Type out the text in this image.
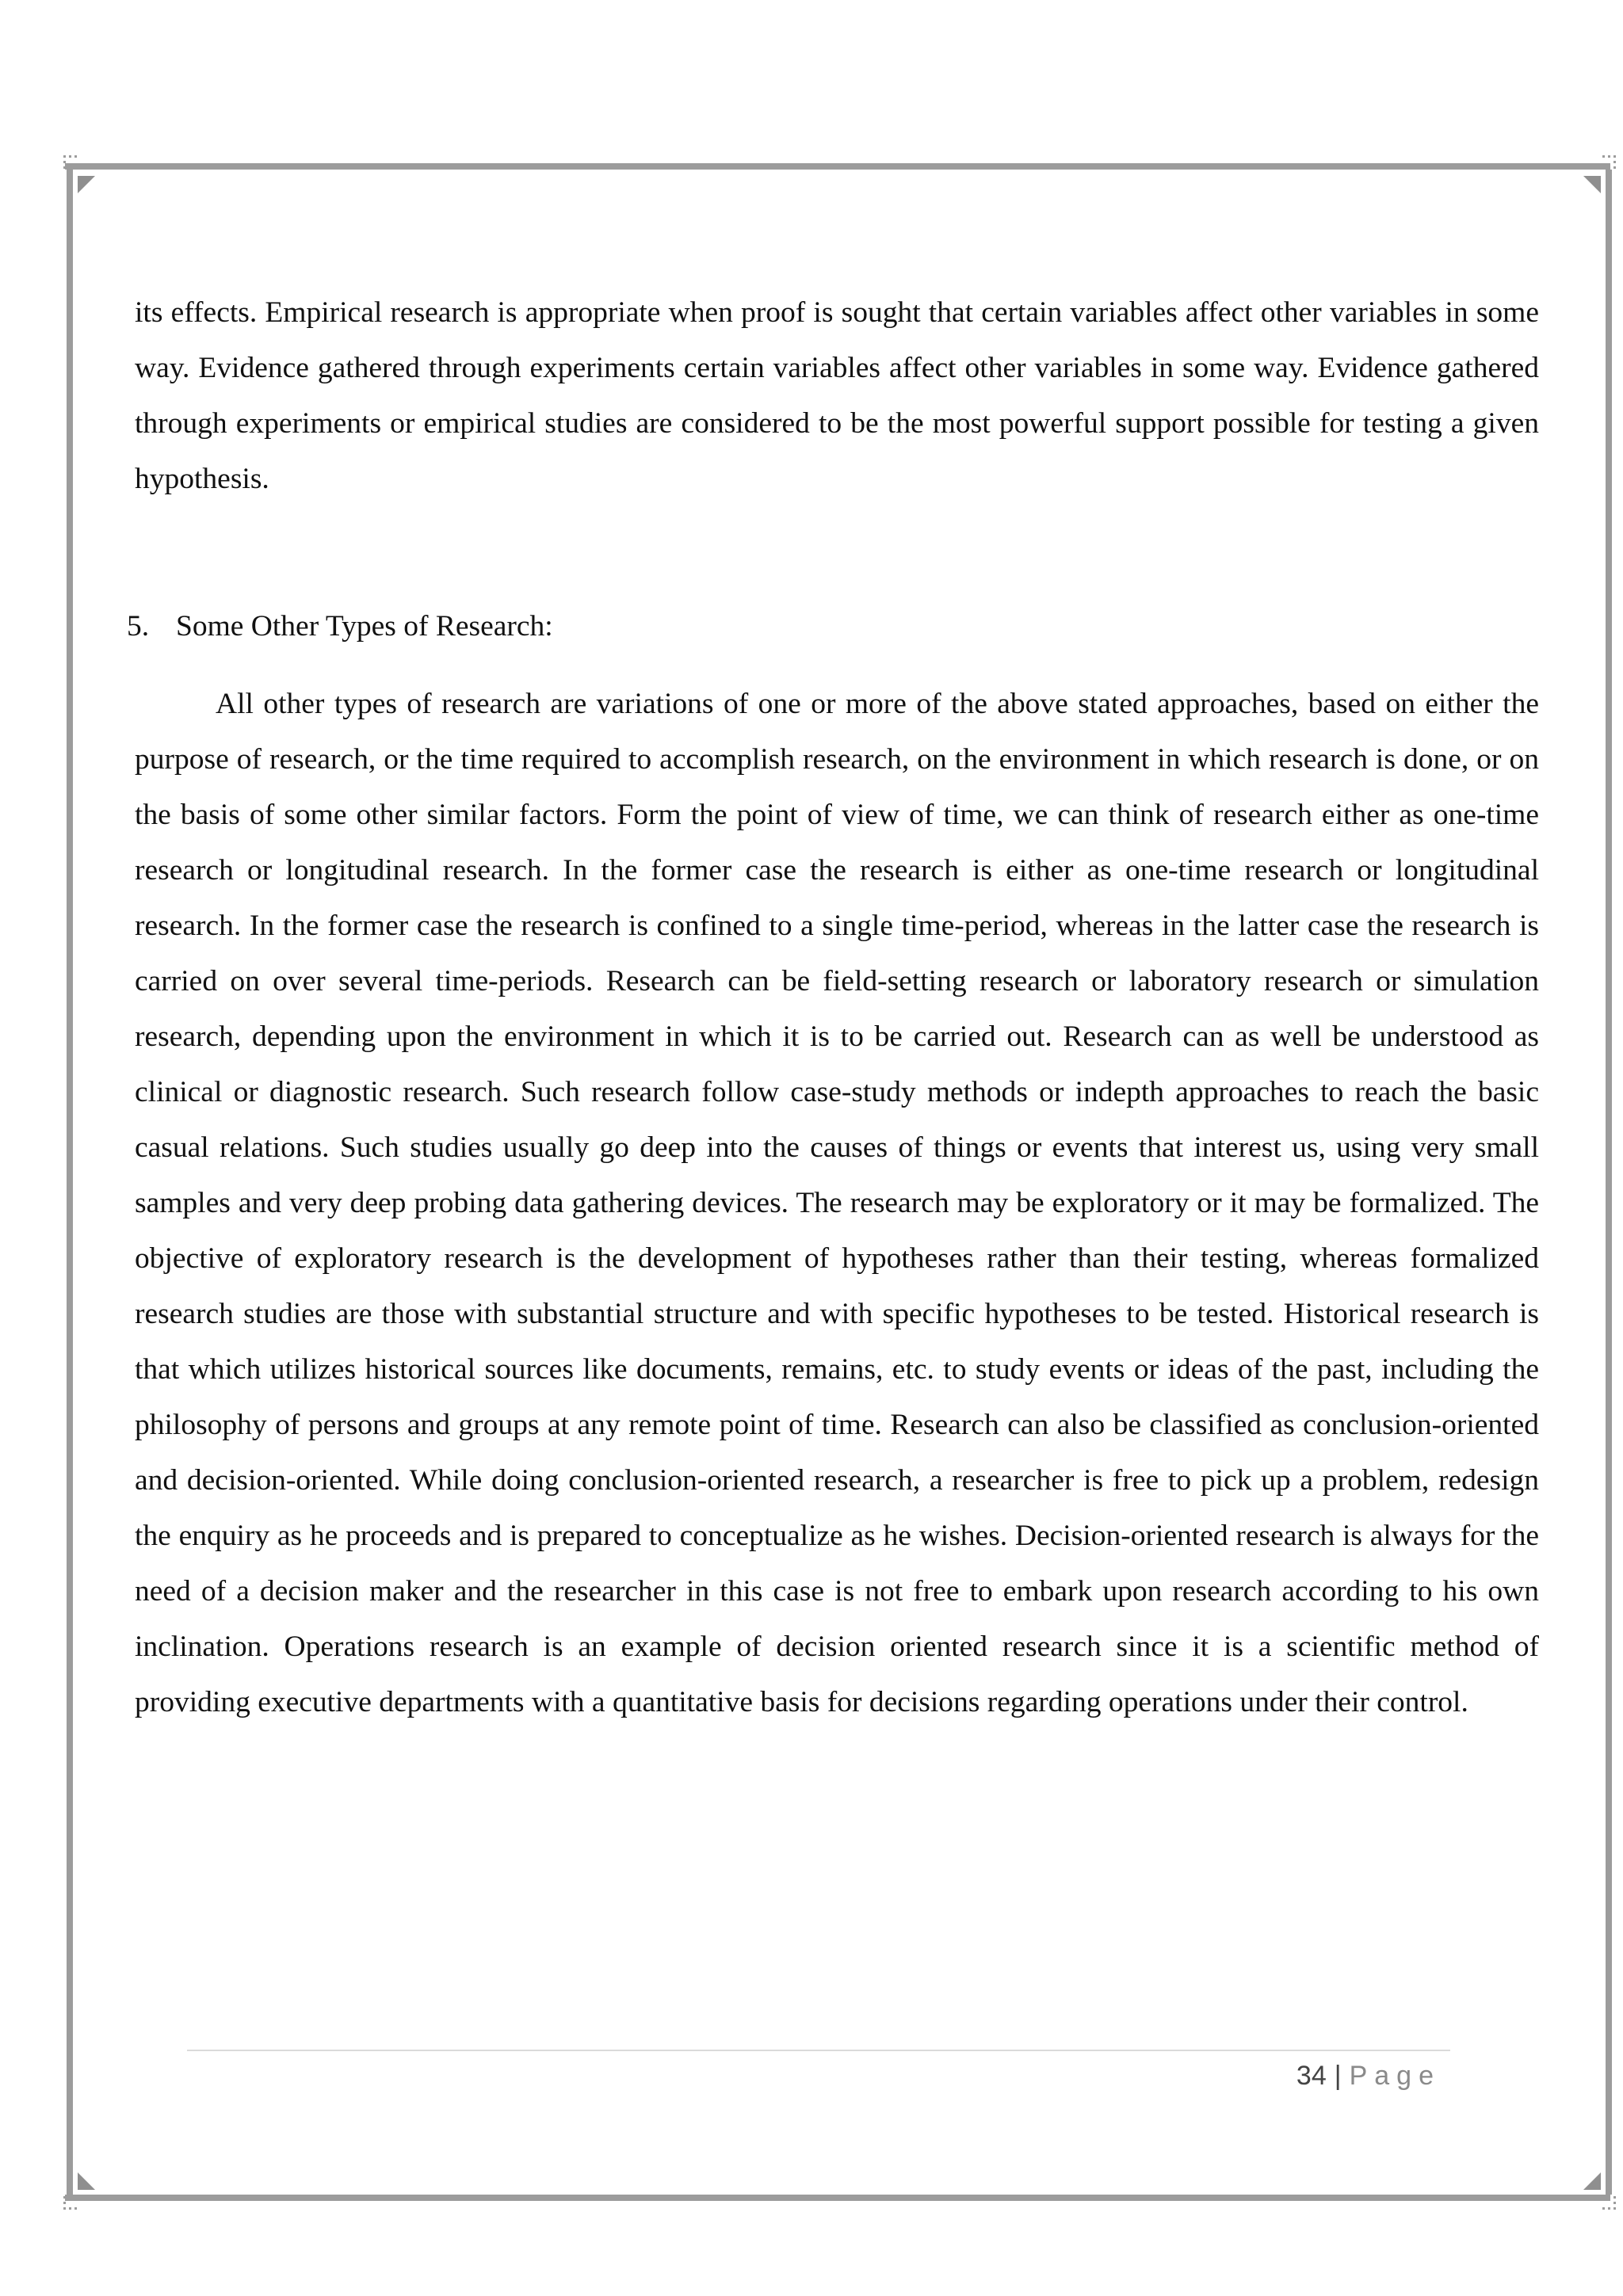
its effects. Empirical research is appropriate when proof is sought that certain variables affect other variables in some way. Evidence gathered through experiments certain variables affect other variables in some way. Evidence gathered through experiments or empirical studies are considered to be the most powerful support possible for testing a given hypothesis.

5. Some Other Types of Research:

All other types of research are variations of one or more of the above stated approaches, based on either the purpose of research, or the time required to accomplish research, on the environment in which research is done, or on the basis of some other similar factors. Form the point of view of time, we can think of research either as one-time research or longitudinal research. In the former case the research is either as one-time research or longitudinal research. In the former case the research is confined to a single time-period, whereas in the latter case the research is carried on over several time-periods. Research can be field-setting research or laboratory research or simulation research, depending upon the environment in which it is to be carried out. Research can as well be understood as clinical or diagnostic research. Such research follow case-study methods or indepth approaches to reach the basic casual relations. Such studies usually go deep into the causes of things or events that interest us, using very small samples and very deep probing data gathering devices. The research may be exploratory or it may be formalized. The objective of exploratory research is the development of hypotheses rather than their testing, whereas formalized research studies are those with substantial structure and with specific hypotheses to be tested. Historical research is that which utilizes historical sources like documents, remains, etc. to study events or ideas of the past, including the philosophy of persons and groups at any remote point of time. Research can also be classified as conclusion-oriented and decision-oriented. While doing conclusion-oriented research, a researcher is free to pick up a problem, redesign the enquiry as he proceeds and is prepared to conceptualize as he wishes. Decision-oriented research is always for the need of a decision maker and the researcher in this case is not free to embark upon research according to his own inclination. Operations research is an example of decision oriented research since it is a scientific method of providing executive departments with a quantitative basis for decisions regarding operations under their control.

34 | Page
